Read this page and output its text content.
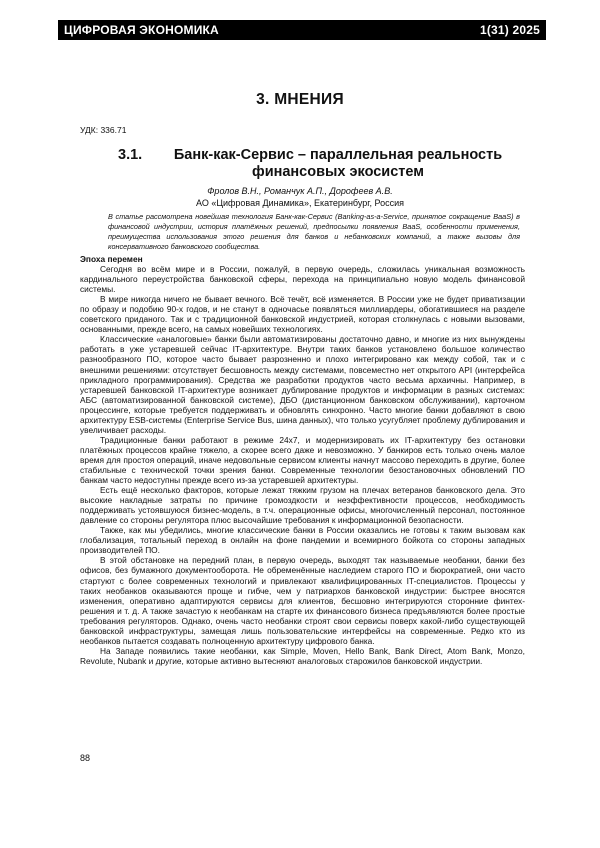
ЦИФРОВАЯ ЭКОНОМИКА	1(31) 2025
3. МНЕНИЯ
УДК: 336.71
3.1.	Банк-как-Сервис – параллельная реальность финансовых экосистем
Фролов В.Н., Романчук А.П., Дорофеев А.В.
АО «Цифровая Динамика», Екатеринбург, Россия
В статье рассмотрена новейшая технология Банк-как-Сервис (Banking-as-a-Service, принятое сокращение BaaS) в финансовой индустрии, история платёжных решений, предпосылки появления BaaS, особенности применения, преимущества использования этого решения для банков и небанковских компаний, а также вызовы для консервативного банковского сообщества.
Эпоха перемен

Сегодня во всём мире и в России, пожалуй, в первую очередь, сложилась уникальная возможность кардинального переустройства банковской сферы, перехода на принципиально новую модель финансовой системы.

В мире никогда ничего не бывает вечного. Всё течёт, всё изменяется. В России уже не будет приватизации по образу и подобию 90-х годов, и не станут в одночасье появляться миллиардеры, обогатившиеся на разделе советского приданого. Так и с традиционной банковской индустрией, которая столкнулась с новыми вызовами, основанными, прежде всего, на самых новейших технологиях.

Классические «аналоговые» банки были автоматизированы достаточно давно, и многие из них вынуждены работать в уже устаревшей сейчас IT-архитектуре. Внутри таких банков установлено большое количество разнообразного ПО, которое часто бывает разрозненно и плохо интегрировано как между собой, так и с внешними решениями: отсутствует бесшовность между системами, повсеместно нет открытого API (интерфейса прикладного программирования). Средства же разработки продуктов часто весьма архаичны. Например, в устаревшей банковской IT-архитектуре возникает дублирование продуктов и информации в разных системах: АБС (автоматизированной банковской системе), ДБО (дистанционном банковском обслуживании), карточном процессинге, которые требуется поддерживать и обновлять синхронно. Часто многие банки добавляют в свою архитектуру ESB-системы (Enterprise Service Bus, шина данных), что только усугубляет проблему дублирования и увеличивает расходы.

Традиционные банки работают в режиме 24x7, и модернизировать их IT-архитектуру без остановки платёжных процессов крайне тяжело, а скорее всего даже и невозможно. У банкиров есть только очень малое время для простоя операций, иначе недовольные сервисом клиенты начнут массово переходить в другие, более стабильные с технической точки зрения банки. Современные технологии безостановочных обновлений ПО банкам часто недоступны прежде всего из-за устаревшей архитектуры.

Есть ещё несколько факторов, которые лежат тяжким грузом на плечах ветеранов банковского дела. Это высокие накладные затраты по причине громоздкости и неэффективности процессов, необходимость поддерживать устоявшуюся бизнес-модель, в т.ч. операционные офисы, многочисленный персонал, постоянное давление со стороны регулятора плюс высочайшие требования к информационной безопасности.

Также, как мы убедились, многие классические банки в России оказались не готовы к таким вызовам как глобализация, тотальный переход в онлайн на фоне пандемии и всемирного бойкота со стороны западных производителей ПО.

В этой обстановке на передний план, в первую очередь, выходят так называемые необанки, банки без офисов, без бумажного документооборота. Не обременённые наследием старого ПО и бюрократией, они часто стартуют с более современных технологий и привлекают квалифицированных IT-специалистов. Процессы у таких необанков оказываются проще и гибче, чем у патриархов банковской индустрии: быстрее вносятся изменения, оперативно адаптируются сервисы для клиентов, бесшовно интегрируются сторонние финтех-решения и т. д. А также зачастую к необанкам на старте их финансового бизнеса предъявляются более простые требования регуляторов. Однако, очень часто необанки строят свои сервисы поверх какой-либо существующей банковской инфраструктуры, замещая лишь пользовательские интерфейсы на современные. Редко кто из необанков пытается создавать полноценную архитектуру цифрового банка.

На Западе появились такие необанки, как Simple, Moven, Hello Bank, Bank Direct, Atom Bank, Monzo, Revolute, Nubank и другие, которые активно вытесняют аналоговых старожилов банковской индустрии.

88
